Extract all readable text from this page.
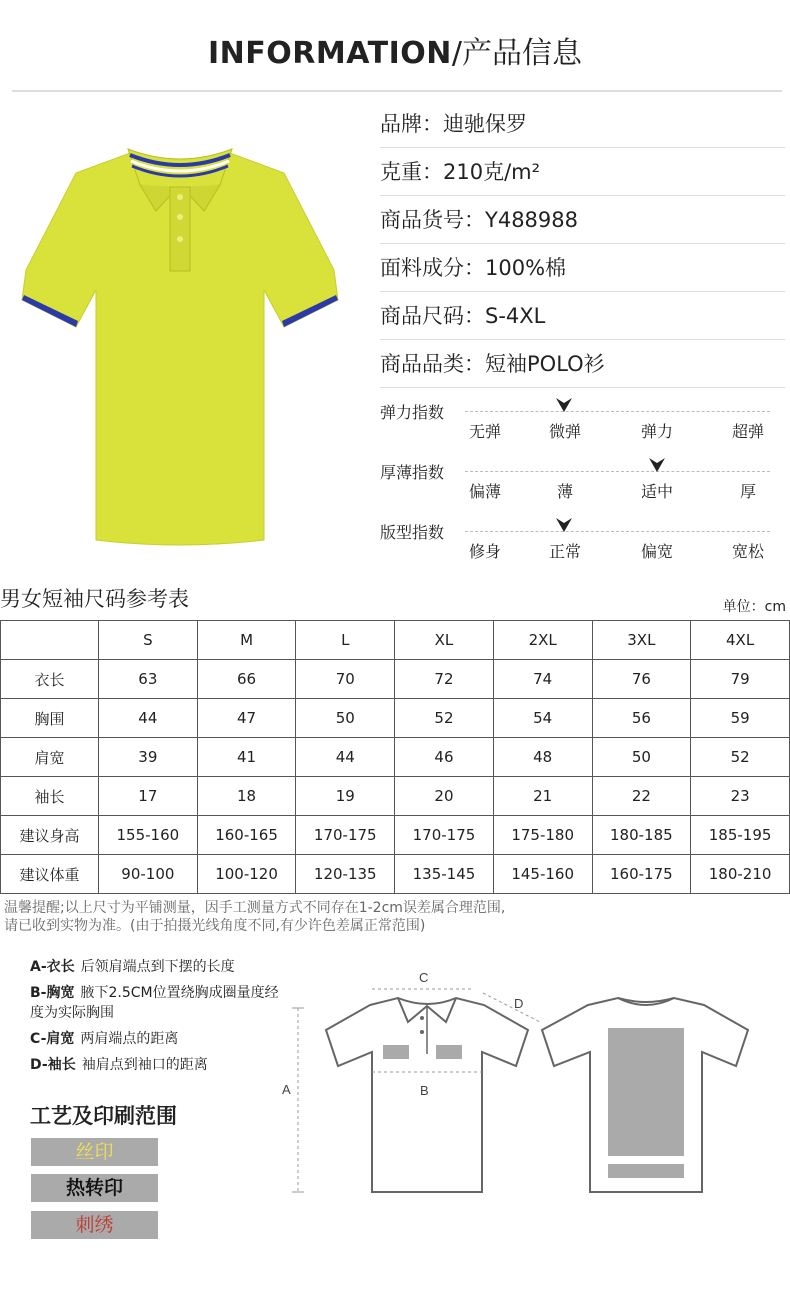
INFORMATION/产品信息
品牌：迪驰保罗
克重：210克/m²
商品货号：Y488988
面料成分：100%棉
商品尺码：S-4XL
商品品类：短袖POLO衫
弹力指数
无弹	微弹	弹力	超弹
厚薄指数
偏薄	薄	适中	厚
版型指数
修身	正常	偏宽	宽松
男女短袖尺码参考表	单位：cm
	S	M	L	XL	2XL	3XL	4XL
衣长	63	66	70	72	74	76	79
胸围	44	47	50	52	54	56	59
肩宽	39	41	44	46	48	50	52
袖长	17	18	19	20	21	22	23
建议身高	155-160	160-165	170-175	170-175	175-180	180-185	185-195
建议体重	90-100	100-120	120-135	135-145	145-160	160-175	180-210
温馨提醒;以上尺寸为平铺测量，因手工测量方式不同存在1-2cm误差属合理范围,
请已收到实物为准。(由于拍摄光线角度不同,有少许色差属正常范围)
A-衣长 后领肩端点到下摆的长度
B-胸宽 腋下2.5CM位置绕胸成圈量度经度为实际胸围
C-肩宽 两肩端点的距离
D-袖长 袖肩点到袖口的距离
工艺及印刷范围
丝印
热转印
刺绣
A
C
D
B
